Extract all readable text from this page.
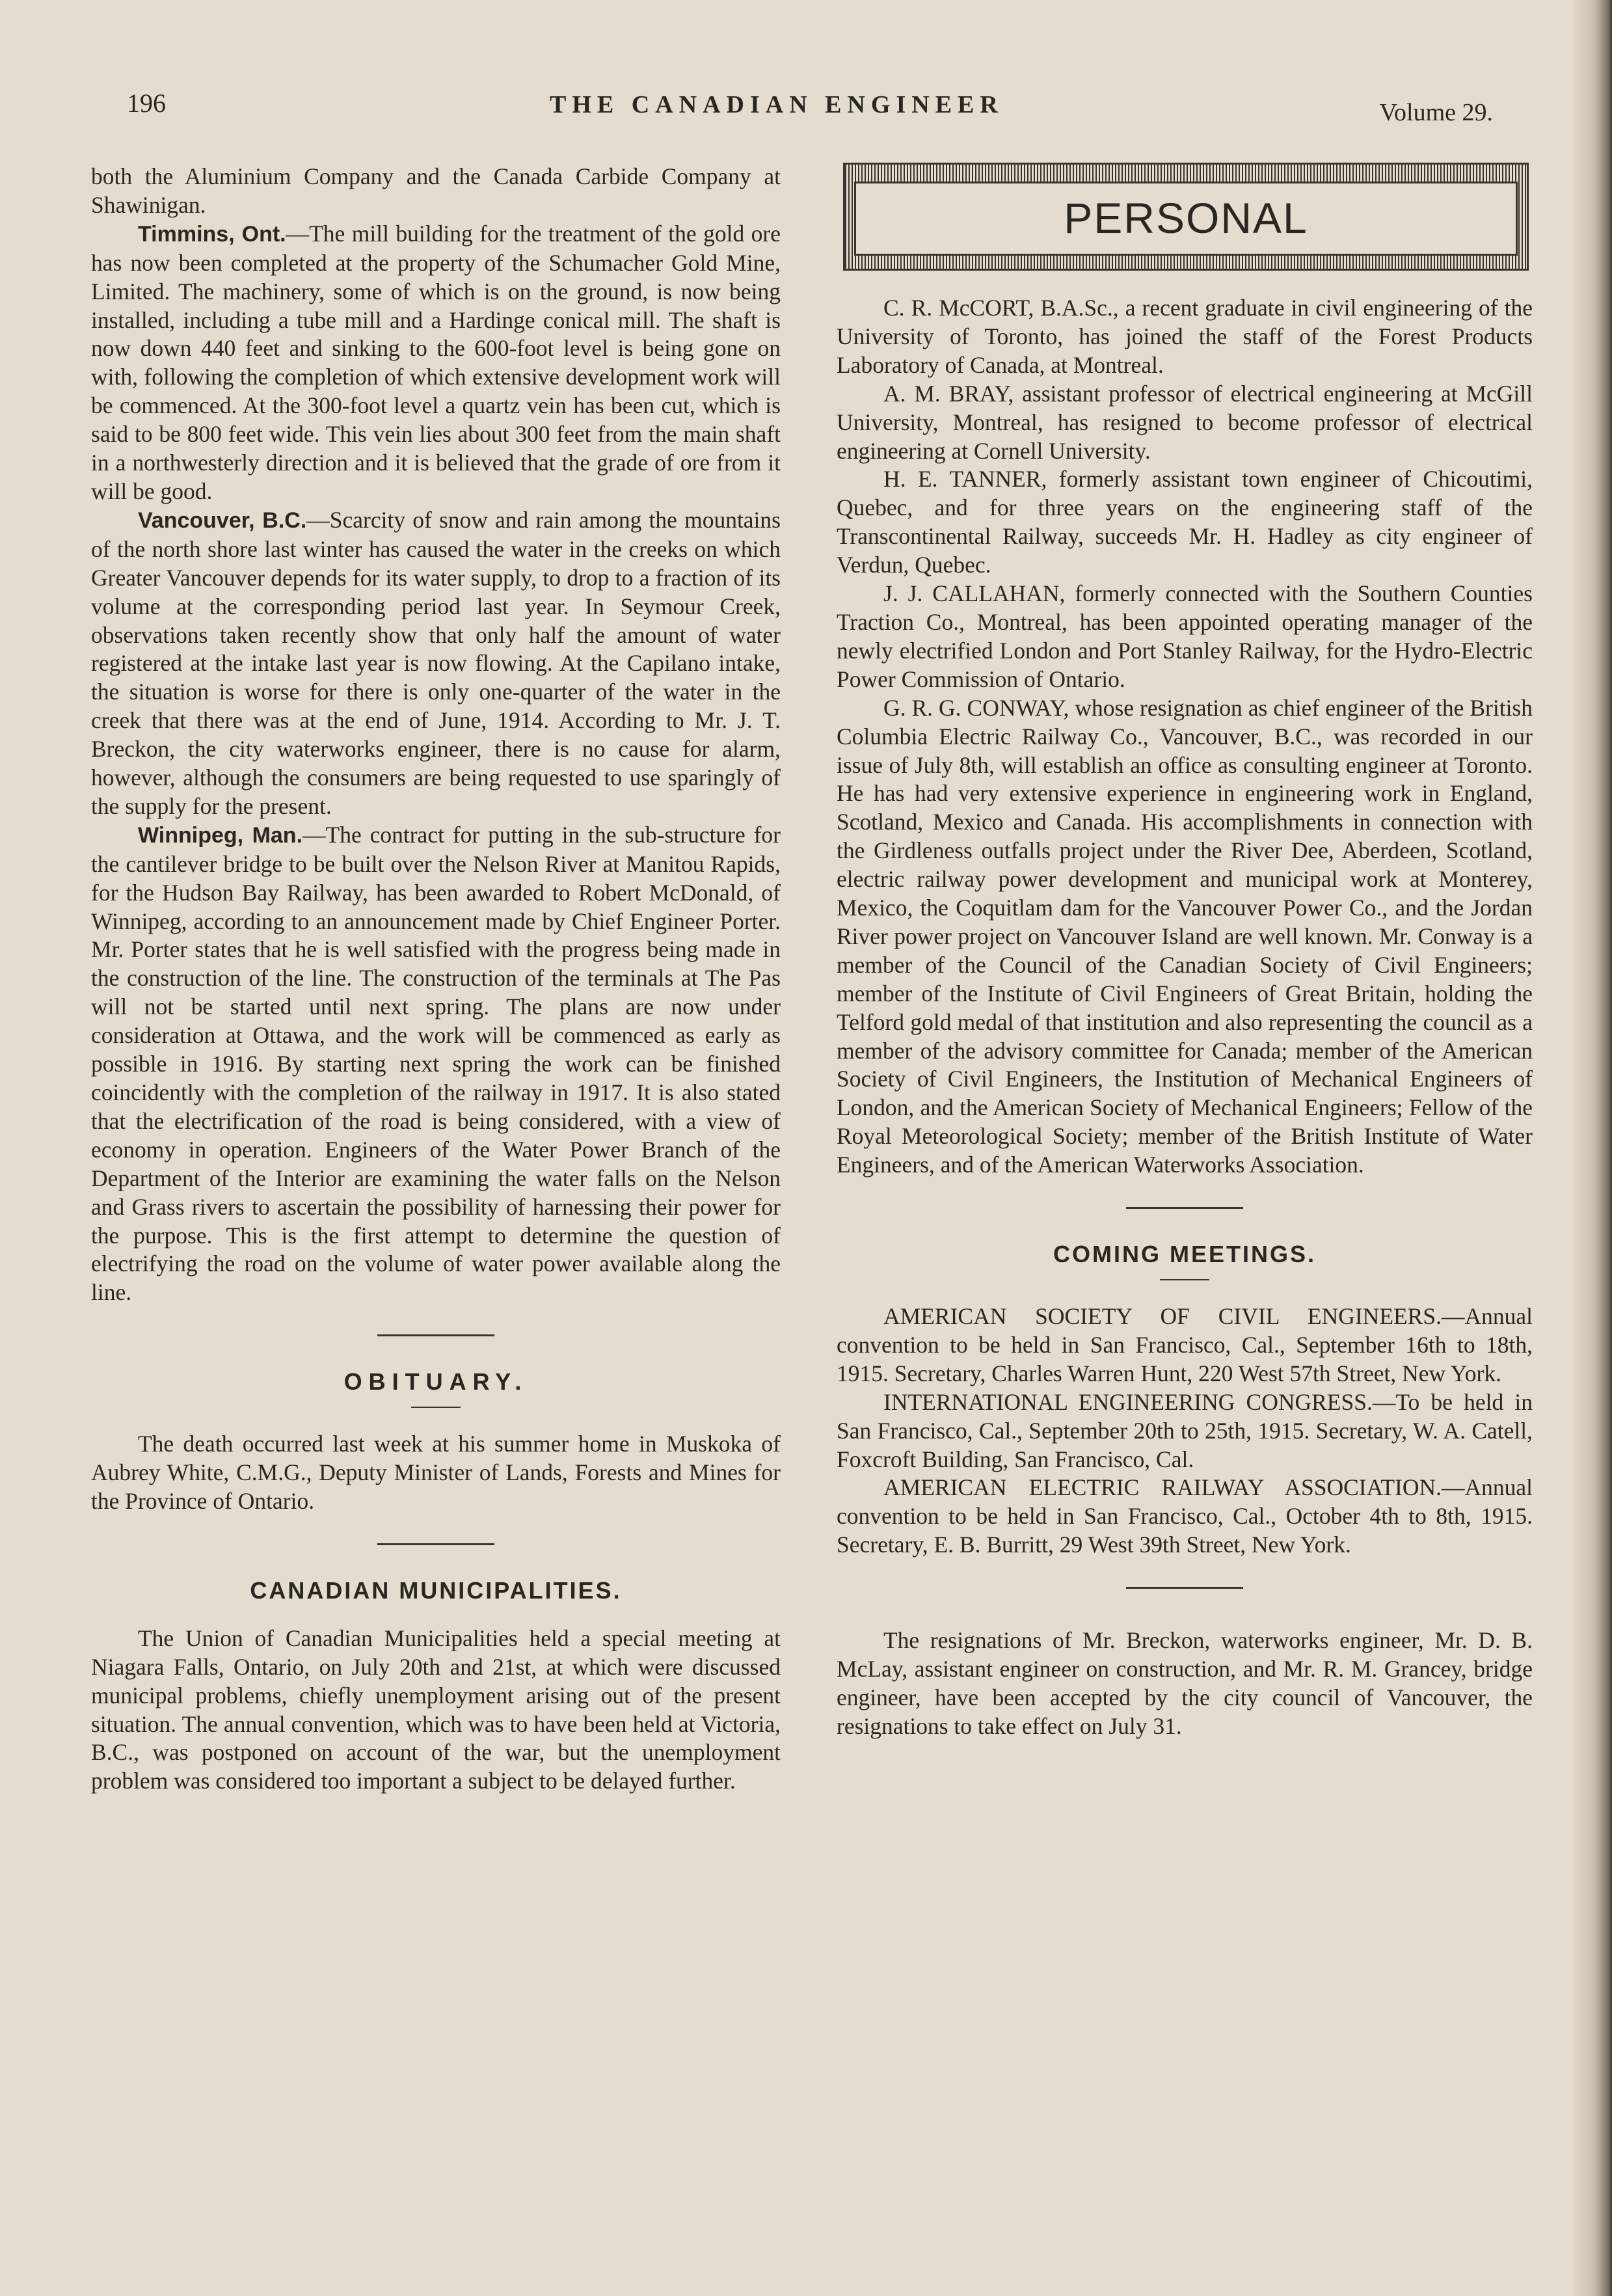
196	THE CANADIAN ENGINEER	Volume 29.

both the Aluminium Company and the Canada Carbide Company at Shawinigan.

Timmins, Ont.—The mill building for the treatment of the gold ore has now been completed at the property of the Schumacher Gold Mine, Limited. The machinery, some of which is on the ground, is now being installed, including a tube mill and a Hardinge conical mill. The shaft is now down 440 feet and sinking to the 600-foot level is being gone on with, following the completion of which extensive development work will be commenced. At the 300-foot level a quartz vein has been cut, which is said to be 800 feet wide. This vein lies about 300 feet from the main shaft in a northwesterly direction and it is believed that the grade of ore from it will be good.

Vancouver, B.C.—Scarcity of snow and rain among the mountains of the north shore last winter has caused the water in the creeks on which Greater Vancouver depends for its water supply, to drop to a fraction of its volume at the corresponding period last year. In Seymour Creek, observations taken recently show that only half the amount of water registered at the intake last year is now flowing. At the Capilano intake, the situation is worse for there is only one-quarter of the water in the creek that there was at the end of June, 1914. According to Mr. J. T. Breckon, the city waterworks engineer, there is no cause for alarm, however, although the consumers are being requested to use sparingly of the supply for the present.

Winnipeg, Man.—The contract for putting in the sub-structure for the cantilever bridge to be built over the Nelson River at Manitou Rapids, for the Hudson Bay Railway, has been awarded to Robert McDonald, of Winnipeg, according to an announcement made by Chief Engineer Porter. Mr. Porter states that he is well satisfied with the progress being made in the construction of the line. The construction of the terminals at The Pas will not be started until next spring. The plans are now under consideration at Ottawa, and the work will be commenced as early as possible in 1916. By starting next spring the work can be finished coincidently with the completion of the railway in 1917. It is also stated that the electrification of the road is being considered, with a view of economy in operation. Engineers of the Water Power Branch of the Department of the Interior are examining the water falls on the Nelson and Grass rivers to ascertain the possibility of harnessing their power for the purpose. This is the first attempt to determine the question of electrifying the road on the volume of water power available along the line.

OBITUARY.

The death occurred last week at his summer home in Muskoka of Aubrey White, C.M.G., Deputy Minister of Lands, Forests and Mines for the Province of Ontario.

CANADIAN MUNICIPALITIES.

The Union of Canadian Municipalities held a special meeting at Niagara Falls, Ontario, on July 20th and 21st, at which were discussed municipal problems, chiefly unemployment arising out of the present situation. The annual convention, which was to have been held at Victoria, B.C., was postponed on account of the war, but the unemployment problem was considered too important a subject to be delayed further.

PERSONAL

C. R. McCORT, B.A.Sc., a recent graduate in civil engineering of the University of Toronto, has joined the staff of the Forest Products Laboratory of Canada, at Montreal.

A. M. BRAY, assistant professor of electrical engineering at McGill University, Montreal, has resigned to become professor of electrical engineering at Cornell University.

H. E. TANNER, formerly assistant town engineer of Chicoutimi, Quebec, and for three years on the engineering staff of the Transcontinental Railway, succeeds Mr. H. Hadley as city engineer of Verdun, Quebec.

J. J. CALLAHAN, formerly connected with the Southern Counties Traction Co., Montreal, has been appointed operating manager of the newly electrified London and Port Stanley Railway, for the Hydro-Electric Power Commission of Ontario.

G. R. G. CONWAY, whose resignation as chief engineer of the British Columbia Electric Railway Co., Vancouver, B.C., was recorded in our issue of July 8th, will establish an office as consulting engineer at Toronto. He has had very extensive experience in engineering work in England, Scotland, Mexico and Canada. His accomplishments in connection with the Girdleness outfalls project under the River Dee, Aberdeen, Scotland, electric railway power development and municipal work at Monterey, Mexico, the Coquitlam dam for the Vancouver Power Co., and the Jordan River power project on Vancouver Island are well known. Mr. Conway is a member of the Council of the Canadian Society of Civil Engineers; member of the Institute of Civil Engineers of Great Britain, holding the Telford gold medal of that institution and also representing the council as a member of the advisory committee for Canada; member of the American Society of Civil Engineers, the Institution of Mechanical Engineers of London, and the American Society of Mechanical Engineers; Fellow of the Royal Meteorological Society; member of the British Institute of Water Engineers, and of the American Waterworks Association.

COMING MEETINGS.

AMERICAN SOCIETY OF CIVIL ENGINEERS.—Annual convention to be held in San Francisco, Cal., September 16th to 18th, 1915. Secretary, Charles Warren Hunt, 220 West 57th Street, New York.

INTERNATIONAL ENGINEERING CONGRESS.—To be held in San Francisco, Cal., September 20th to 25th, 1915. Secretary, W. A. Catell, Foxcroft Building, San Francisco, Cal.

AMERICAN ELECTRIC RAILWAY ASSOCIATION.—Annual convention to be held in San Francisco, Cal., October 4th to 8th, 1915. Secretary, E. B. Burritt, 29 West 39th Street, New York.

The resignations of Mr. Breckon, waterworks engineer, Mr. D. B. McLay, assistant engineer on construction, and Mr. R. M. Grancey, bridge engineer, have been accepted by the city council of Vancouver, the resignations to take effect on July 31.
